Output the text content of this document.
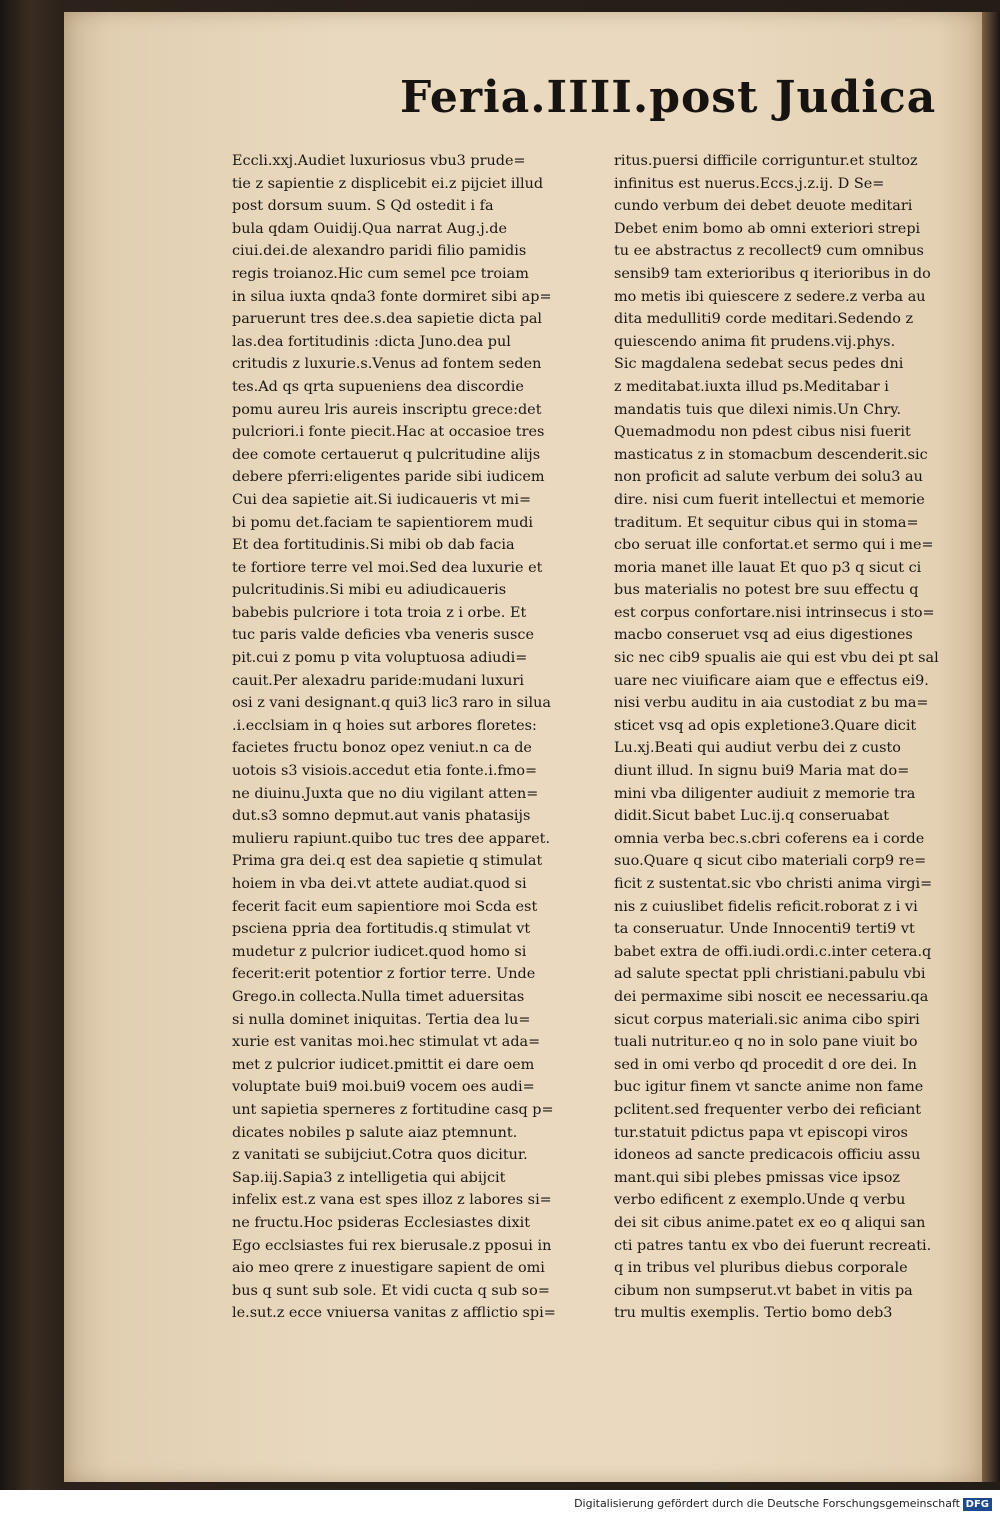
Feria.IIII.post Judica
Eccli.xxj.Audiet luxuriosus vbu3 prude=
tie z sapientie z displicebit ei.z pijciet illud
post dorsum suum. S Qd ostedit i fa
bula qdam Ouidij.Qua narrat Aug.j.de
ciui.dei.de alexandro paridi filio pamidis
regis troianoz.Hic cum semel pce troiam
in silua iuxta qnda3 fonte dormiret sibi ap=
paruerunt tres dee.s.dea sapietie dicta pal
las.dea fortitudinis :dicta Juno.dea pul
critudis z luxurie.s.Venus ad fontem seden
tes.Ad qs qrta supueniens dea discordie
pomu aureu lris aureis inscriptu grece:det
pulcriori.i fonte piecit.Hac at occasioe tres
dee comote certauerut q pulcritudine alijs
debere pferri:eligentes paride sibi iudicem
Cui dea sapietie ait.Si iudicaueris vt mi=
bi pomu det.faciam te sapientiorem mudi
Et dea fortitudinis.Si mibi ob dab facia
te fortiore terre vel moi.Sed dea luxurie et
pulcritudinis.Si mibi eu adiudicaueris
babebis pulcriore i tota troia z i orbe. Et
tuc paris valde deficies vba veneris susce
pit.cui z pomu p vita voluptuosa adiudi=
cauit.Per alexadru paride:mudani luxuri
osi z vani designant.q qui3 lic3 raro in silua
.i.ecclsiam in q hoies sut arbores floretes:
facietes fructu bonoz opez veniut.n ca de
uotois s3 visiois.accedut etia fonte.i.fmo=
ne diuinu.Juxta que no diu vigilant atten=
dut.s3 somno depmut.aut vanis phatasijs
mulieru rapiunt.quibo tuc tres dee apparet.
Prima gra dei.q est dea sapietie q stimulat
hoiem in vba dei.vt attete audiat.quod si
fecerit facit eum sapientiore moi Scda est
psciena ppria dea fortitudis.q stimulat vt
mudetur z pulcrior iudicet.quod homo si
fecerit:erit potentior z fortior terre. Unde
Grego.in collecta.Nulla timet aduersitas
si nulla dominet iniquitas. Tertia dea lu=
xurie est vanitas moi.hec stimulat vt ada=
met z pulcrior iudicet.pmittit ei dare oem
voluptate bui9 moi.bui9 vocem oes audi=
unt sapietia sperneres z fortitudine casq p=
dicates nobiles p salute aiaz ptemnunt.
z vanitati se subijciut.Cotra quos dicitur.
Sap.iij.Sapia3 z intelligetia qui abijcit
infelix est.z vana est spes illoz z labores si=
ne fructu.Hoc psideras Ecclesiastes dixit
Ego ecclsiastes fui rex bierusale.z pposui in
aio meo qrere z inuestigare sapient de omi
bus q sunt sub sole. Et vidi cucta q sub so=
le.sut.z ecce vniuersa vanitas z afflictio spi=
ritus.puersi difficile corriguntur.et stultoz
infinitus est nuerus.Eccs.j.z.ij. D Se=
cundo verbum dei debet deuote meditari
Debet enim bomo ab omni exteriori strepi
tu ee abstractus z recollect9 cum omnibus
sensib9 tam exterioribus q iterioribus in do
mo metis ibi quiescere z sedere.z verba au
dita medulliti9 corde meditari.Sedendo z
quiescendo anima fit prudens.vij.phys.
Sic magdalena sedebat secus pedes dni
z meditabat.iuxta illud ps.Meditabar i
mandatis tuis que dilexi nimis.Un Chry.
Quemadmodu non pdest cibus nisi fuerit
masticatus z in stomacbum descenderit.sic
non proficit ad salute verbum dei solu3 au
dire. nisi cum fuerit intellectui et memorie
traditum. Et sequitur cibus qui in stoma=
cbo seruat ille confortat.et sermo qui i me=
moria manet ille lauat Et quo p3 q sicut ci
bus materialis no potest bre suu effectu q
est corpus confortare.nisi intrinsecus i sto=
macbo conseruet vsq ad eius digestiones
sic nec cib9 spualis aie qui est vbu dei pt sal
uare nec viuificare aiam que e effectus ei9.
nisi verbu auditu in aia custodiat z bu ma=
sticet vsq ad opis expletione3.Quare dicit
Lu.xj.Beati qui audiut verbu dei z custo
diunt illud. In signu bui9 Maria mat do=
mini vba diligenter audiuit z memorie tra
didit.Sicut babet Luc.ij.q conseruabat
omnia verba bec.s.cbri coferens ea i corde
suo.Quare q sicut cibo materiali corp9 re=
ficit z sustentat.sic vbo christi anima virgi=
nis z cuiuslibet fidelis reficit.roborat z i vi
ta conseruatur. Unde Innocenti9 terti9 vt
babet extra de offi.iudi.ordi.c.inter cetera.q
ad salute spectat ppli christiani.pabulu vbi
dei permaxime sibi noscit ee necessariu.qa
sicut corpus materiali.sic anima cibo spiri
tuali nutritur.eo q no in solo pane viuit bo
sed in omi verbo qd procedit d ore dei. In
buc igitur finem vt sancte anime non fame
pclitent.sed frequenter verbo dei reficiant
tur.statuit pdictus papa vt episcopi viros
idoneos ad sancte predicacois officiu assu
mant.qui sibi plebes pmissas vice ipsoz
verbo edificent z exemplo.Unde q verbu
dei sit cibus anime.patet ex eo q aliqui san
cti patres tantu ex vbo dei fuerunt recreati.
q in tribus vel pluribus diebus corporale
cibum non sumpserut.vt babet in vitis pa
tru multis exemplis. Tertio bomo deb3
Digitalisierung gefördert durch die Deutsche Forschungsgemeinschaft DFG
